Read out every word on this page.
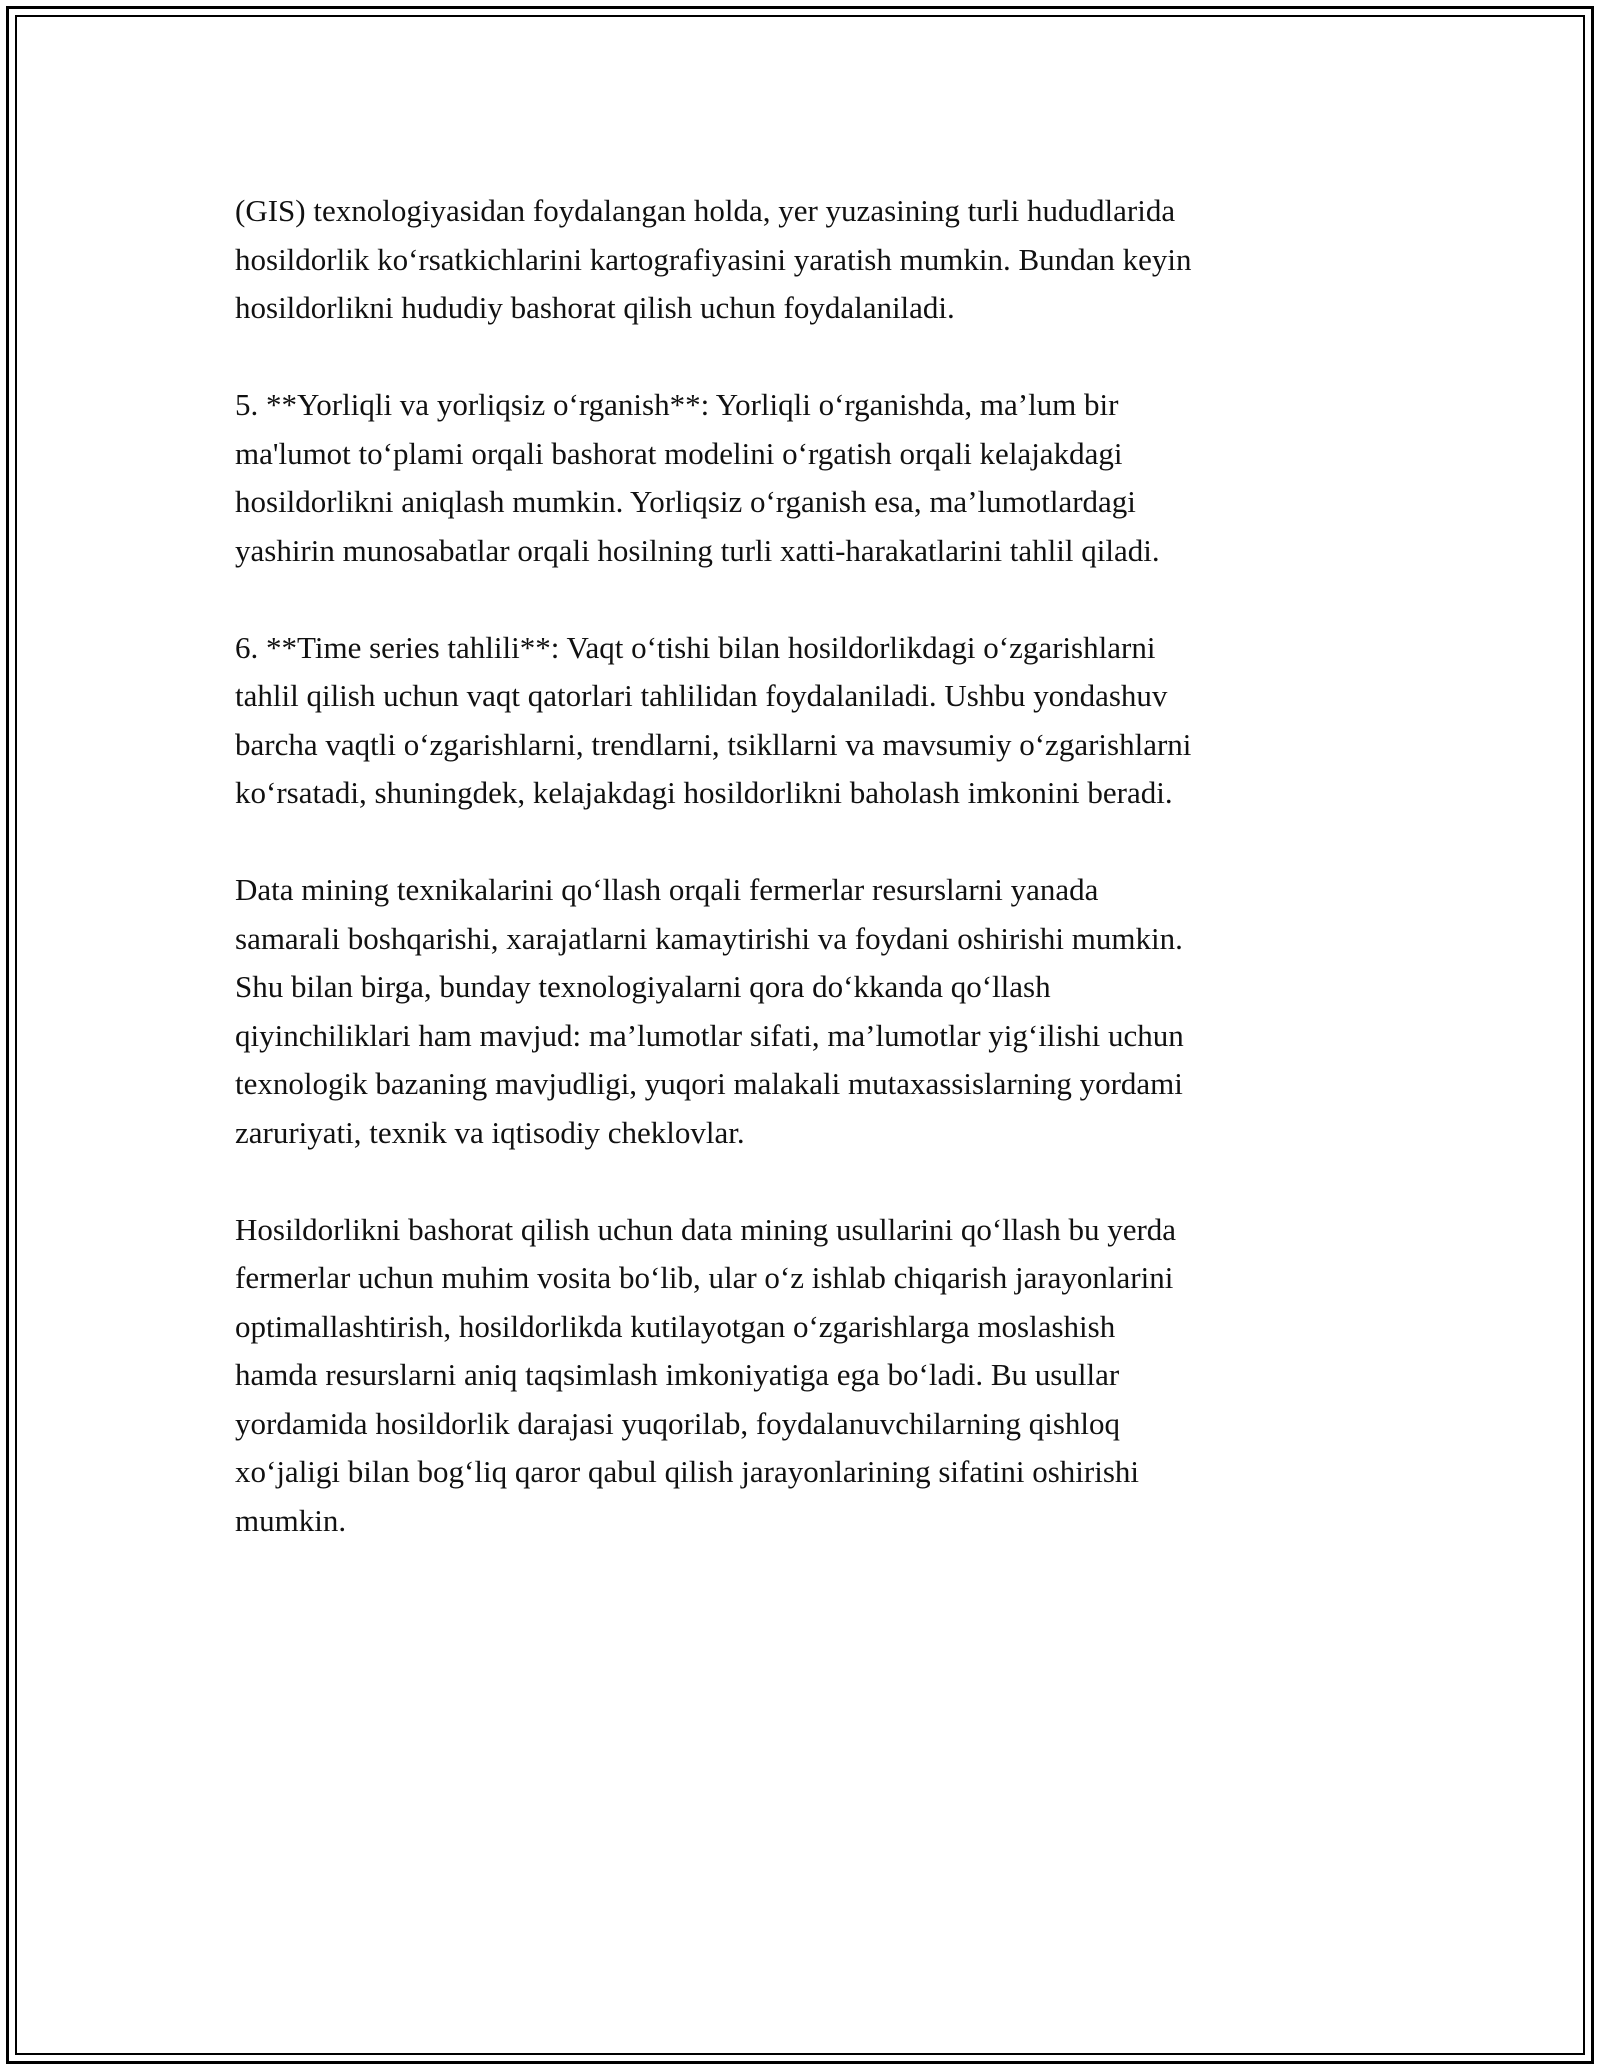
(GIS) texnologiyasidan foydalangan holda, yer yuzasining turli hududlarida
hosildorlik ko‘rsatkichlarini kartografiyasini yaratish mumkin. Bundan keyin
hosildorlikni hududiy bashorat qilish uchun foydalaniladi.

5. **Yorliqli va yorliqsiz o‘rganish**: Yorliqli o‘rganishda, ma’lum bir
ma'lumot to‘plami orqali bashorat modelini o‘rgatish orqali kelajakdagi
hosildorlikni aniqlash mumkin. Yorliqsiz o‘rganish esa, ma’lumotlardagi
yashirin munosabatlar orqali hosilning turli xatti-harakatlarini tahlil qiladi.

6. **Time series tahlili**: Vaqt o‘tishi bilan hosildorlikdagi o‘zgarishlarni
tahlil qilish uchun vaqt qatorlari tahlilidan foydalaniladi. Ushbu yondashuv
barcha vaqtli o‘zgarishlarni, trendlarni, tsikllarni va mavsumiy o‘zgarishlarni
ko‘rsatadi, shuningdek, kelajakdagi hosildorlikni baholash imkonini beradi.

Data mining texnikalarini qo‘llash orqali fermerlar resurslarni yanada
samarali boshqarishi, xarajatlarni kamaytirishi va foydani oshirishi mumkin.
Shu bilan birga, bunday texnologiyalarni qora do‘kkanda qo‘llash
qiyinchiliklari ham mavjud: ma’lumotlar sifati, ma’lumotlar yig‘ilishi uchun
texnologik bazaning mavjudligi, yuqori malakali mutaxassislarning yordami
zaruriyati, texnik va iqtisodiy cheklovlar.

Hosildorlikni bashorat qilish uchun data mining usullarini qo‘llash bu yerda
fermerlar uchun muhim vosita bo‘lib, ular o‘z ishlab chiqarish jarayonlarini
optimallashtirish, hosildorlikda kutilayotgan o‘zgarishlarga moslashish
hamda resurslarni aniq taqsimlash imkoniyatiga ega bo‘ladi. Bu usullar
yordamida hosildorlik darajasi yuqorilab, foydalanuvchilarning qishloq
xo‘jaligi bilan bog‘liq qaror qabul qilish jarayonlarining sifatini oshirishi
mumkin.
